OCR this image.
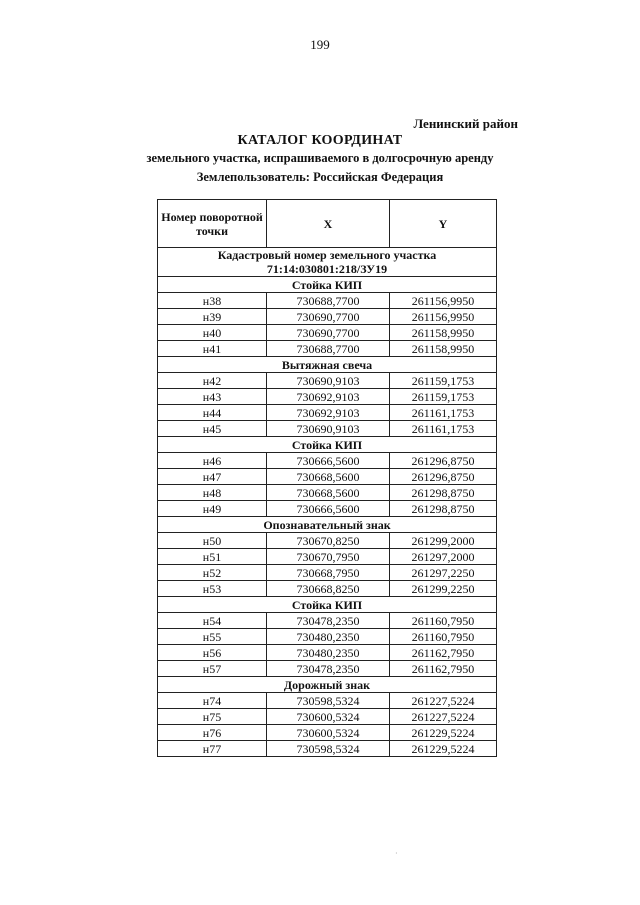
199
Ленинский район
КАТАЛОГ КООРДИНАТ
земельного участка, испрашиваемого в долгосрочную аренду
Землепользователь: Российская Федерация
Номер поворотной точки	X	Y
Кадастровый номер земельного участка
71:14:030801:218/ЗУ19		
Стойка КИП		
н38	730688,7700	261156,9950
н39	730690,7700	261156,9950
н40	730690,7700	261158,9950
н41	730688,7700	261158,9950
Вытяжная свеча		
н42	730690,9103	261159,1753
н43	730692,9103	261159,1753
н44	730692,9103	261161,1753
н45	730690,9103	261161,1753
Стойка КИП		
н46	730666,5600	261296,8750
н47	730668,5600	261296,8750
н48	730668,5600	261298,8750
н49	730666,5600	261298,8750
Опознавательный знак		
н50	730670,8250	261299,2000
н51	730670,7950	261297,2000
н52	730668,7950	261297,2250
н53	730668,8250	261299,2250
Стойка КИП		
н54	730478,2350	261160,7950
н55	730480,2350	261160,7950
н56	730480,2350	261162,7950
н57	730478,2350	261162,7950
Дорожный знак		
н74	730598,5324	261227,5224
н75	730600,5324	261227,5224
н76	730600,5324	261229,5224
н77	730598,5324	261229,5224
·
